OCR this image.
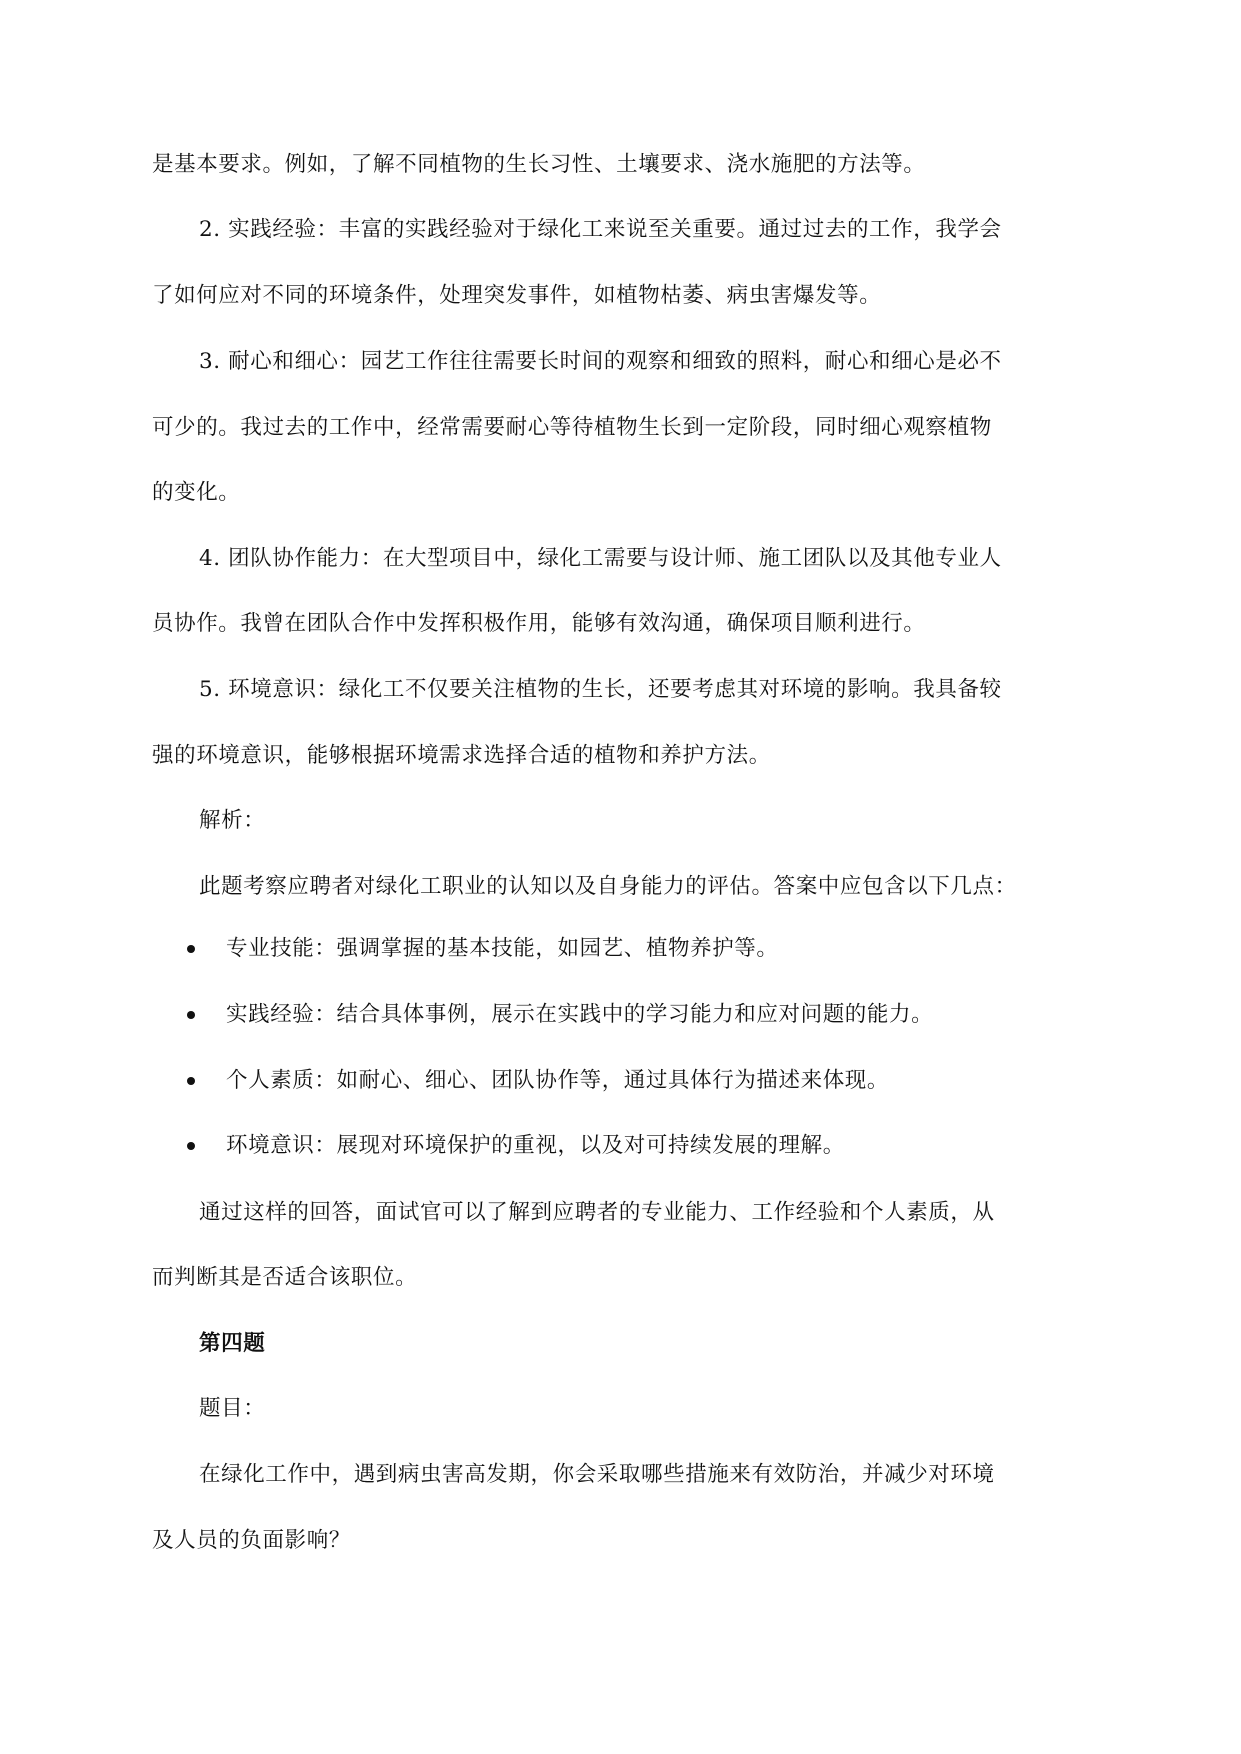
是基本要求。例如，了解不同植物的生长习性、土壤要求、浇水施肥的方法等。
2. 实践经验：丰富的实践经验对于绿化工来说至关重要。通过过去的工作，我学会
了如何应对不同的环境条件，处理突发事件，如植物枯萎、病虫害爆发等。
3. 耐心和细心：园艺工作往往需要长时间的观察和细致的照料，耐心和细心是必不
可少的。我过去的工作中，经常需要耐心等待植物生长到一定阶段，同时细心观察植物
的变化。
4. 团队协作能力：在大型项目中，绿化工需要与设计师、施工团队以及其他专业人
员协作。我曾在团队合作中发挥积极作用，能够有效沟通，确保项目顺利进行。
5. 环境意识：绿化工不仅要关注植物的生长，还要考虑其对环境的影响。我具备较
强的环境意识，能够根据环境需求选择合适的植物和养护方法。
解析：
此题考察应聘者对绿化工职业的认知以及自身能力的评估。答案中应包含以下几点：
专业技能：强调掌握的基本技能，如园艺、植物养护等。
实践经验：结合具体事例，展示在实践中的学习能力和应对问题的能力。
个人素质：如耐心、细心、团队协作等，通过具体行为描述来体现。
环境意识：展现对环境保护的重视，以及对可持续发展的理解。
通过这样的回答，面试官可以了解到应聘者的专业能力、工作经验和个人素质，从
而判断其是否适合该职位。
第四题
题目：
在绿化工作中，遇到病虫害高发期，你会采取哪些措施来有效防治，并减少对环境
及人员的负面影响？
